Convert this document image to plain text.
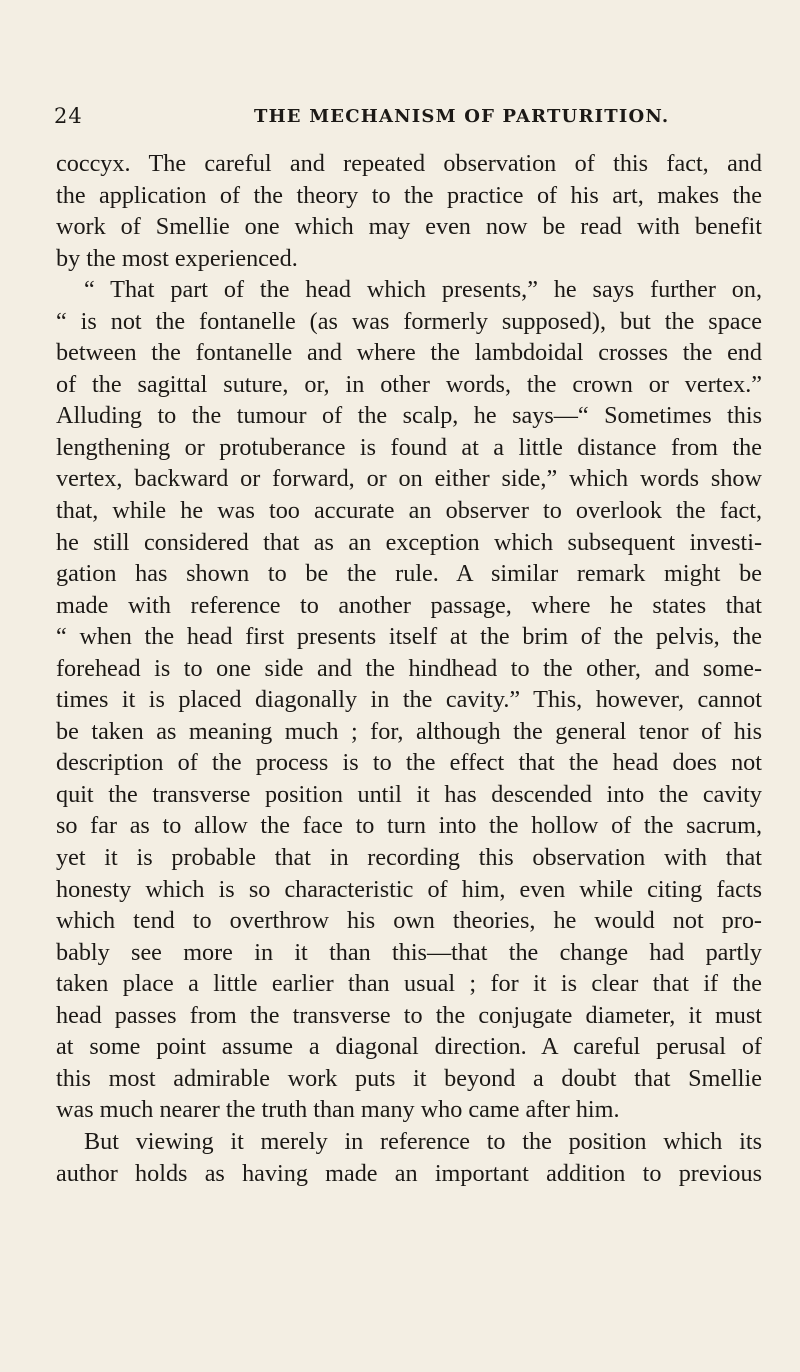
24	THE MECHANISM OF PARTURITION.
coccyx. The careful and repeated observation of this fact, and
the application of the theory to the practice of his art, makes the
work of Smellie one which may even now be read with benefit
by the most experienced.
“ That part of the head which presents,” he says further on,
“ is not the fontanelle (as was formerly supposed), but the space
between the fontanelle and where the lambdoidal crosses the end
of the sagittal suture, or, in other words, the crown or vertex.”
Alluding to the tumour of the scalp, he says—“ Sometimes this
lengthening or protuberance is found at a little distance from the
vertex, backward or forward, or on either side,” which words show
that, while he was too accurate an observer to overlook the fact,
he still considered that as an exception which subsequent investi-
gation has shown to be the rule. A similar remark might be
made with reference to another passage, where he states that
“ when the head first presents itself at the brim of the pelvis, the
forehead is to one side and the hindhead to the other, and some-
times it is placed diagonally in the cavity.” This, however, cannot
be taken as meaning much ; for, although the general tenor of his
description of the process is to the effect that the head does not
quit the transverse position until it has descended into the cavity
so far as to allow the face to turn into the hollow of the sacrum,
yet it is probable that in recording this observation with that
honesty which is so characteristic of him, even while citing facts
which tend to overthrow his own theories, he would not pro-
bably see more in it than this—that the change had partly
taken place a little earlier than usual ; for it is clear that if the
head passes from the transverse to the conjugate diameter, it must
at some point assume a diagonal direction. A careful perusal of
this most admirable work puts it beyond a doubt that Smellie
was much nearer the truth than many who came after him.
But viewing it merely in reference to the position which its
author holds as having made an important addition to previous
